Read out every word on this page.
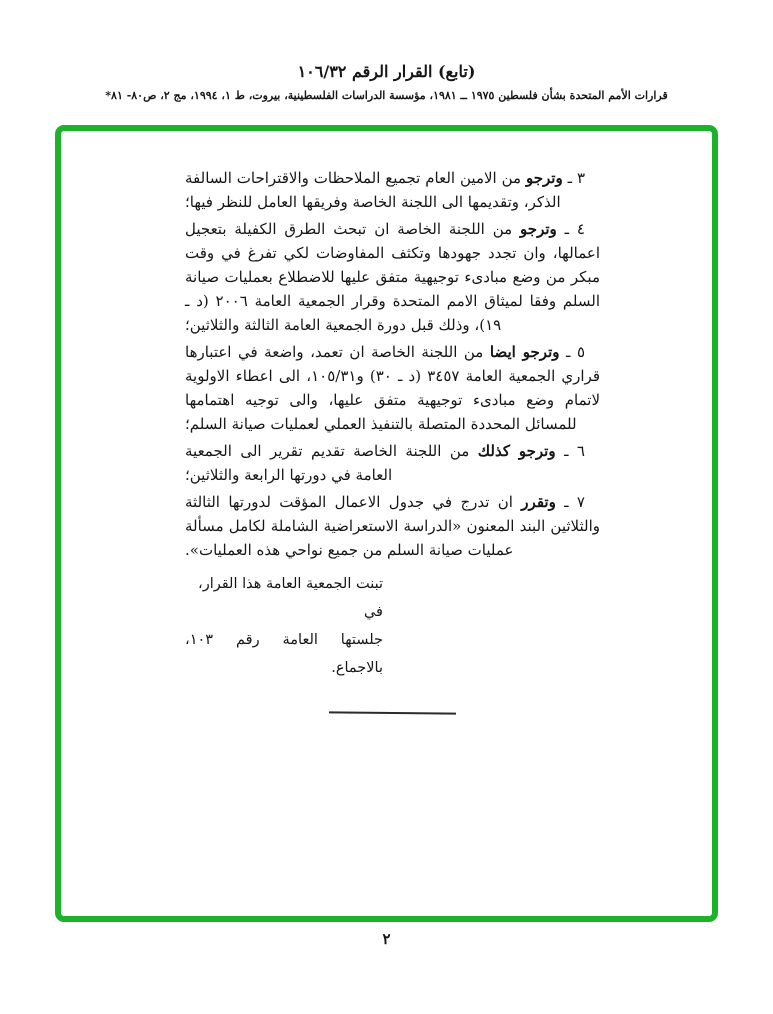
(تابع) القرار الرقم ١٠٦/٣٢
قرارات الأمم المتحدة بشأن فلسطين ١٩٧٥ ــ ١٩٨١، مؤسسة الدراسات الفلسطينية، بيروت، ط ١، ١٩٩٤، مج ٢، ص٨٠- ٨١*

٣ ـ وترجو من الامين العام تجميع الملاحظات والاقتراحات السالفة الذكر، وتقديمها الى اللجنة الخاصة وفريقها العامل للنظر فيها؛

٤ ـ وترجو من اللجنة الخاصة ان تبحث الطرق الكفيلة بتعجيل اعمالها، وان تجدد جهودها وتكثف المفاوضات لكي تفرغ في وقت مبكر من وضع مبادىء توجيهية متفق عليها للاضطلاع بعمليات صيانة السلم وفقا لميثاق الامم المتحدة وقرار الجمعية العامة ٢٠٠٦ (د ـ ١٩)، وذلك قبل دورة الجمعية العامة الثالثة والثلاثين؛

٥ ـ وترجو ايضا من اللجنة الخاصة ان تعمد، واضعة في اعتبارها قراري الجمعية العامة ٣٤٥٧ (د ـ ٣٠) و١٠٥/٣١، الى اعطاء الاولوية لاتمام وضع مبادىء توجيهية متفق عليها، والى توجيه اهتمامها للمسائل المحددة المتصلة بالتنفيذ العملي لعمليات صيانة السلم؛

٦ ـ وترجو كذلك من اللجنة الخاصة تقديم تقرير الى الجمعية العامة في دورتها الرابعة والثلاثين؛

٧ ـ وتقرر ان تدرج في جدول الاعمال المؤقت لدورتها الثالثة والثلاثين البند المعنون «الدراسة الاستعراضية الشاملة لكامل مسألة عمليات صيانة السلم من جميع نواحي هذه العمليات».

تبنت الجمعية العامة هذا القرار، في
جلستها العامة رقم ١٠٣،
بالاجماع.
٢
